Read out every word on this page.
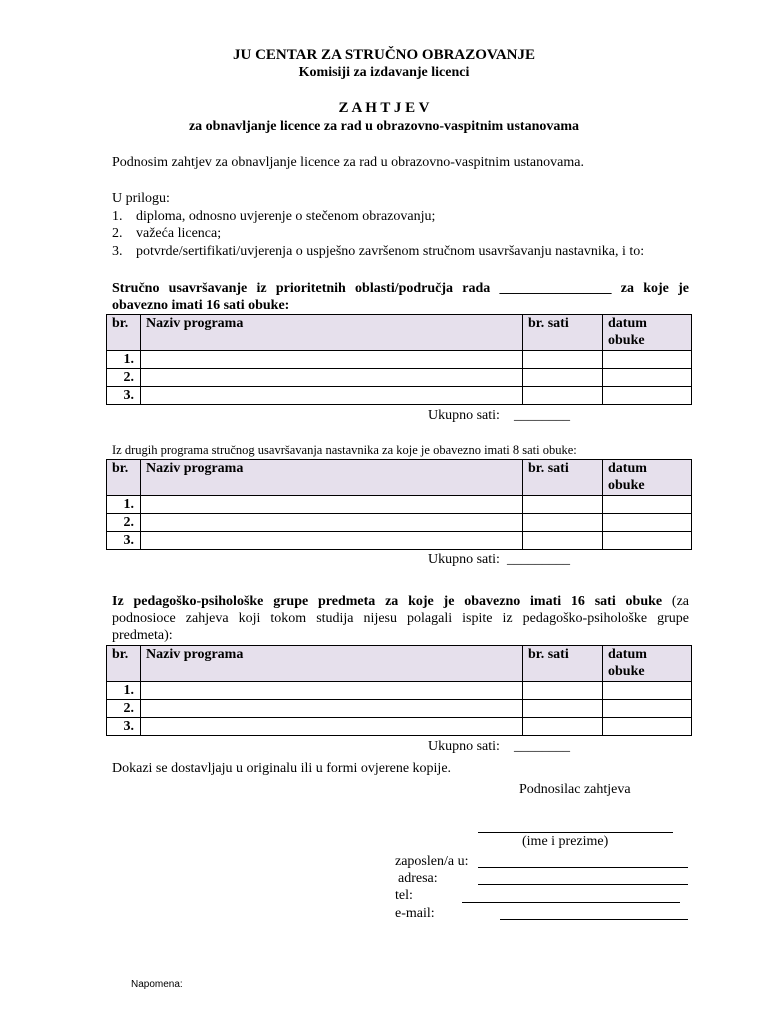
JU CENTAR ZA STRUČNO OBRAZOVANJE
Komisiji za izdavanje licenci
Z A H T J E V
za obnavljanje licence za rad u obrazovno-vaspitnim ustanovama
Podnosim zahtjev za obnavljanje licence za rad u obrazovno-vaspitnim ustanovama.
U prilogu:
1. diploma, odnosno uvjerenje o stečenom obrazovanju;
2. važeća licenca;
3. potvrde/sertifikati/uvjerenja o uspješno završenom stručnom usavršavanju nastavnika, i to:
Stručno usavršavanje iz prioritetnih oblasti/područja rada ________________ za koje je
obavezno imati 16 sati obuke:
br.	Naziv programa	br. sati	datum
obuke
1.			
2.			
3.			
Ukupno sati: ________
Iz drugih programa stručnog usavršavanja nastavnika za koje je obavezno imati 8 sati obuke:
br.	Naziv programa	br. sati	datum
obuke
1.			
2.			
3.			
Ukupno sati: _________
Iz pedagoško-psihološke grupe predmeta za koje je obavezno imati 16 sati obuke (za
podnosioce zahjeva koji tokom studija nijesu polagali ispite iz pedagoško-psihološke grupe
predmeta):
br.	Naziv programa	br. sati	datum
obuke
1.			
2.			
3.			
Ukupno sati: ________
Dokazi se dostavljaju u originalu ili u formi ovjerene kopije.
Podnosilac zahtjeva
(ime i prezime)
zaposlen/a u:
adresa:
tel:
e-mail:
Napomena:
